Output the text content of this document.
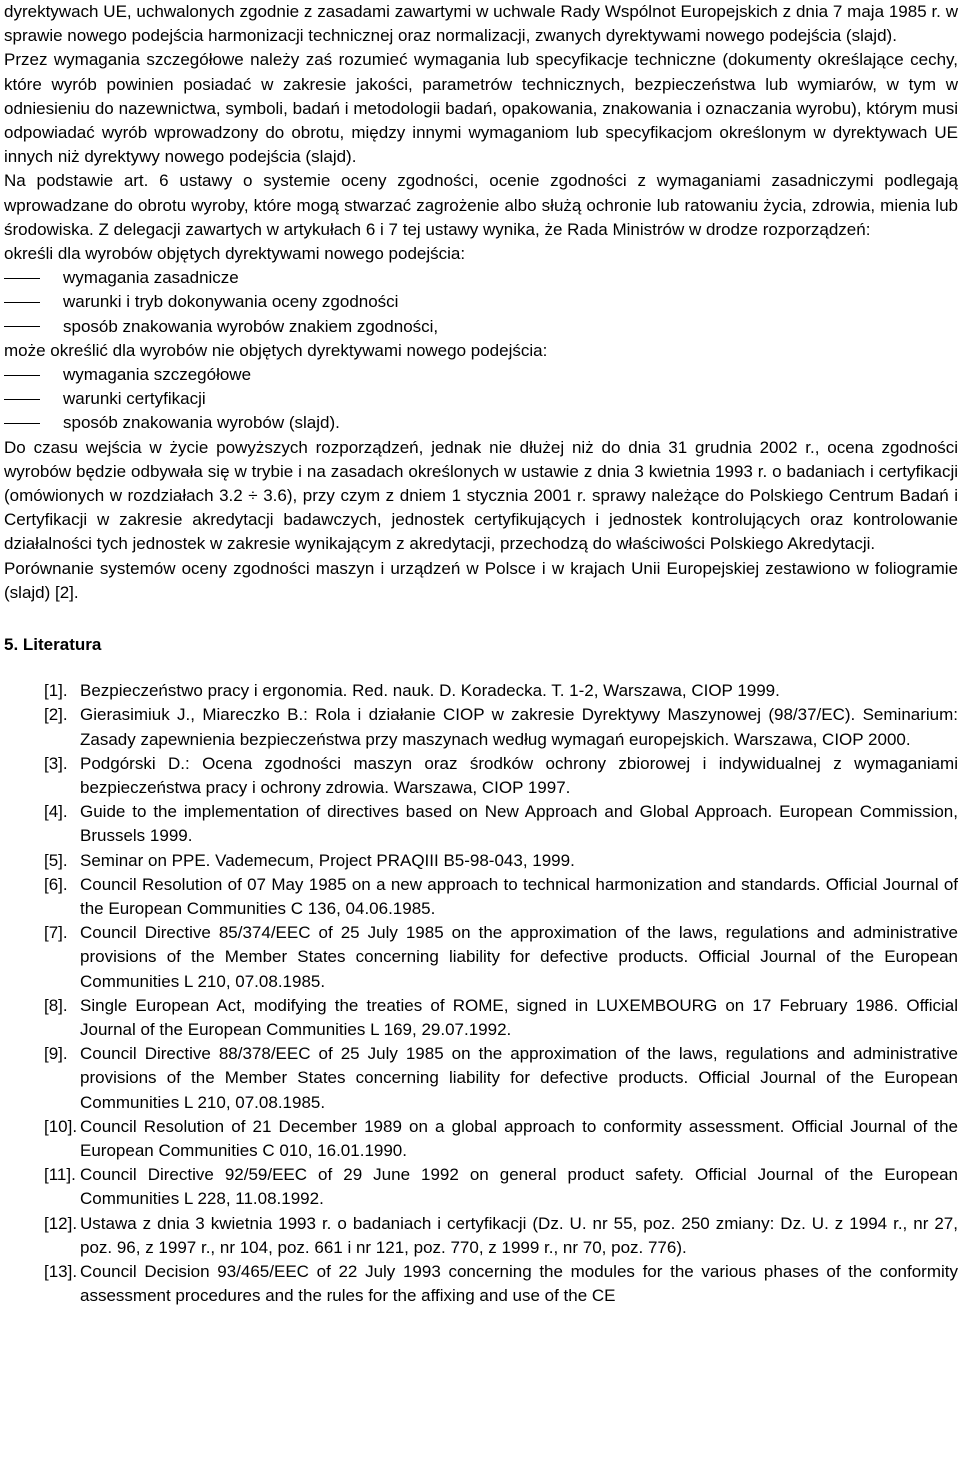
dyrektywach UE, uchwalonych zgodnie z zasadami zawartymi w uchwale Rady Wspólnot Europejskich z dnia 7 maja 1985 r. w sprawie nowego podejścia harmonizacji technicznej oraz normalizacji, zwanych dyrektywami nowego podejścia (slajd).

Przez wymagania szczegółowe należy zaś rozumieć wymagania lub specyfikacje techniczne (dokumenty określające cechy, które wyrób powinien posiadać w zakresie jakości, parametrów technicznych, bezpieczeństwa lub wymiarów, w tym w odniesieniu do nazewnictwa, symboli, badań i metodologii badań, opakowania, znakowania i oznaczania wyrobu), którym musi odpowiadać wyrób wprowadzony do obrotu, między innymi wymaganiom lub specyfikacjom określonym w dyrektywach UE innych niż dyrektywy nowego podejścia (slajd).

Na podstawie art. 6 ustawy o systemie oceny zgodności, ocenie zgodności z wymaganiami zasadniczymi podlegają wprowadzane do obrotu wyroby, które mogą stwarzać zagrożenie albo służą ochronie lub ratowaniu życia, zdrowia, mienia lub środowiska. Z delegacji zawartych w artykułach 6 i 7 tej ustawy wynika, że Rada Ministrów w drodze rozporządzeń:

określi dla wyrobów objętych dyrektywami nowego podejścia:

wymagania zasadnicze
warunki i tryb dokonywania oceny zgodności
sposób znakowania wyrobów znakiem zgodności,

może określić dla wyrobów nie objętych dyrektywami nowego podejścia:

wymagania szczegółowe
warunki certyfikacji
sposób znakowania wyrobów (slajd).

Do czasu wejścia w życie powyższych rozporządzeń, jednak nie dłużej niż do dnia 31 grudnia 2002 r., ocena zgodności wyrobów będzie odbywała się w trybie i na zasadach określonych w ustawie z dnia 3 kwietnia 1993 r. o badaniach i certyfikacji (omówionych w rozdziałach 3.2 ÷ 3.6), przy czym z dniem 1 stycznia 2001 r. sprawy należące do Polskiego Centrum Badań i Certyfikacji w zakresie akredytacji badawczych, jednostek certyfikujących i jednostek kontrolujących oraz kontrolowanie działalności tych jednostek w zakresie wynikającym z akredytacji, przechodzą do właściwości Polskiego Akredytacji.

Porównanie systemów oceny zgodności maszyn i urządzeń w Polsce i w krajach Unii Europejskiej zestawiono w foliogramie (slajd) [2].

5. Literatura
[1]. Bezpieczeństwo pracy i ergonomia. Red. nauk. D. Koradecka. T. 1-2, Warszawa, CIOP 1999.
[2]. Gierasimiuk J., Miareczko B.: Rola i działanie CIOP w zakresie Dyrektywy Maszynowej (98/37/EC). Seminarium: Zasady zapewnienia bezpieczeństwa przy maszynach według wymagań europejskich. Warszawa, CIOP 2000.
[3]. Podgórski D.: Ocena zgodności maszyn oraz środków ochrony zbiorowej i indywidualnej z wymaganiami bezpieczeństwa pracy i ochrony zdrowia. Warszawa, CIOP 1997.
[4]. Guide to the implementation of directives based on New Approach and Global Approach. European Commission, Brussels 1999.
[5]. Seminar on PPE. Vademecum, Project PRAQIII B5-98-043, 1999.
[6]. Council Resolution of 07 May 1985 on a new approach to technical harmonization and standards. Official Journal of the European Communities C 136, 04.06.1985.
[7]. Council Directive 85/374/EEC of 25 July 1985 on the approximation of the laws, regulations and administrative provisions of the Member States concerning liability for defective products. Official Journal of the European Communities L 210, 07.08.1985.
[8]. Single European Act, modifying the treaties of ROME, signed in LUXEMBOURG on 17 February 1986. Official Journal of the European Communities L 169, 29.07.1992.
[9]. Council Directive 88/378/EEC of 25 July 1985 on the approximation of the laws, regulations and administrative provisions of the Member States concerning liability for defective products. Official Journal of the European Communities L 210, 07.08.1985.
[10]. Council Resolution of 21 December 1989 on a global approach to conformity assessment. Official Journal of the European Communities C 010, 16.01.1990.
[11]. Council Directive 92/59/EEC of 29 June 1992 on general product safety. Official Journal of the European Communities L 228, 11.08.1992.
[12]. Ustawa z dnia 3 kwietnia 1993 r. o badaniach i certyfikacji (Dz. U. nr 55, poz. 250 zmiany: Dz. U. z 1994 r., nr 27, poz. 96, z 1997 r., nr 104, poz. 661 i nr 121, poz. 770, z 1999 r., nr 70, poz. 776).
[13]. Council Decision 93/465/EEC of 22 July 1993 concerning the modules for the various phases of the conformity assessment procedures and the rules for the affixing and use of the CE
